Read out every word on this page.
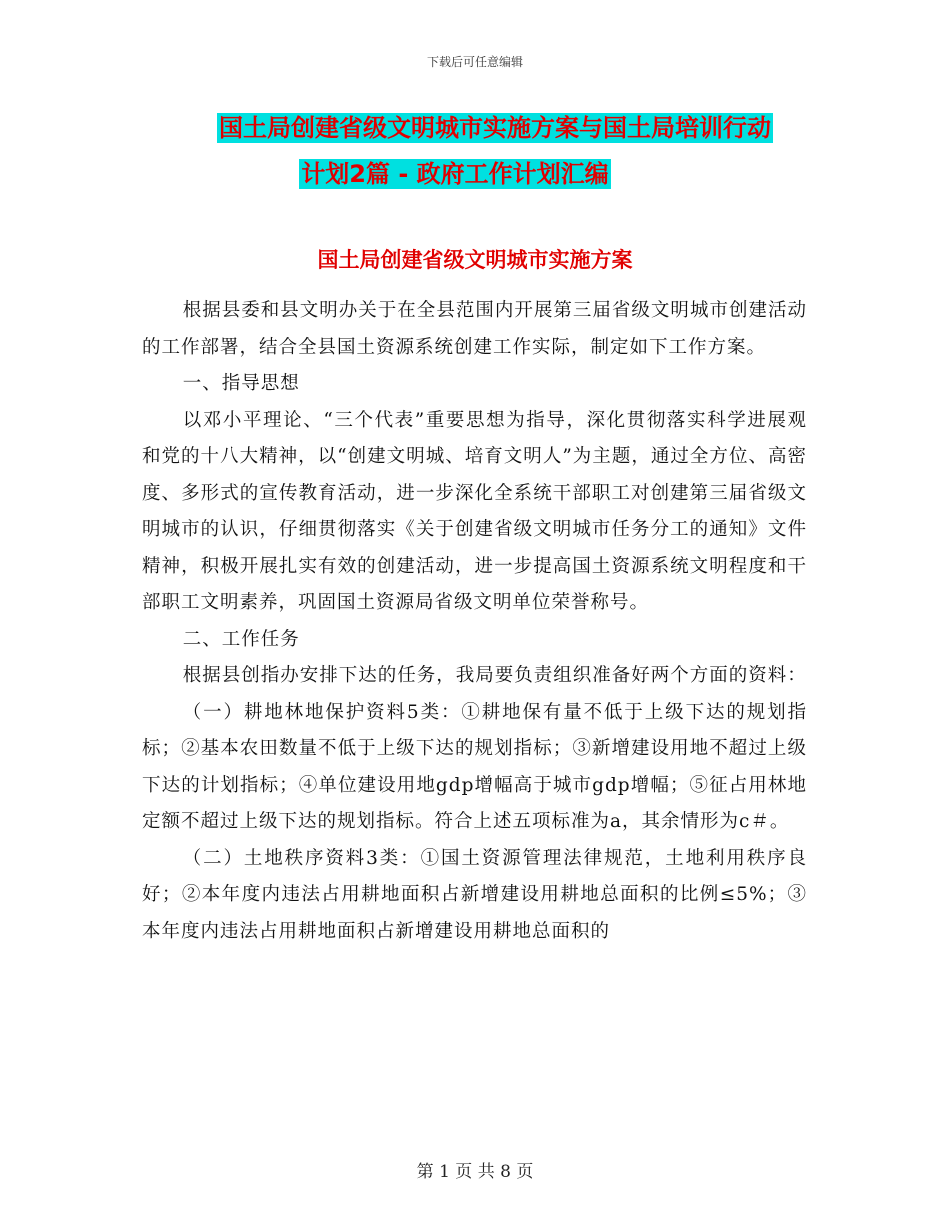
下载后可任意编辑
国土局创建省级文明城市实施方案与国土局培训行动
计划2篇 - 政府工作计划汇编
国土局创建省级文明城市实施方案

根据县委和县文明办关于在全县范围内开展第三届省级文明城市创建活动的工作部署，结合全县国土资源系统创建工作实际，制定如下工作方案。

一、指导思想

以邓小平理论、“三个代表”重要思想为指导，深化贯彻落实科学进展观和党的十八大精神，以“创建文明城、培育文明人”为主题，通过全方位、高密度、多形式的宣传教育活动，进一步深化全系统干部职工对创建第三届省级文明城市的认识，仔细贯彻落实《关于创建省级文明城市任务分工的通知》文件精神，积极开展扎实有效的创建活动，进一步提高国土资源系统文明程度和干部职工文明素养，巩固国土资源局省级文明单位荣誉称号。

二、工作任务

根据县创指办安排下达的任务，我局要负责组织准备好两个方面的资料：

（一）耕地林地保护资料5类：①耕地保有量不低于上级下达的规划指标；②基本农田数量不低于上级下达的规划指标；③新增建设用地不超过上级下达的计划指标；④单位建设用地gdp增幅高于城市gdp增幅；⑤征占用林地定额不超过上级下达的规划指标。符合上述五项标准为a，其余情形为c＃。

（二）土地秩序资料3类：①国土资源管理法律规范，土地利用秩序良好；②本年度内违法占用耕地面积占新增建设用耕地总面积的比例≤5%；③本年度内违法占用耕地面积占新增建设用耕地总面积的

第 1 页 共 8 页
